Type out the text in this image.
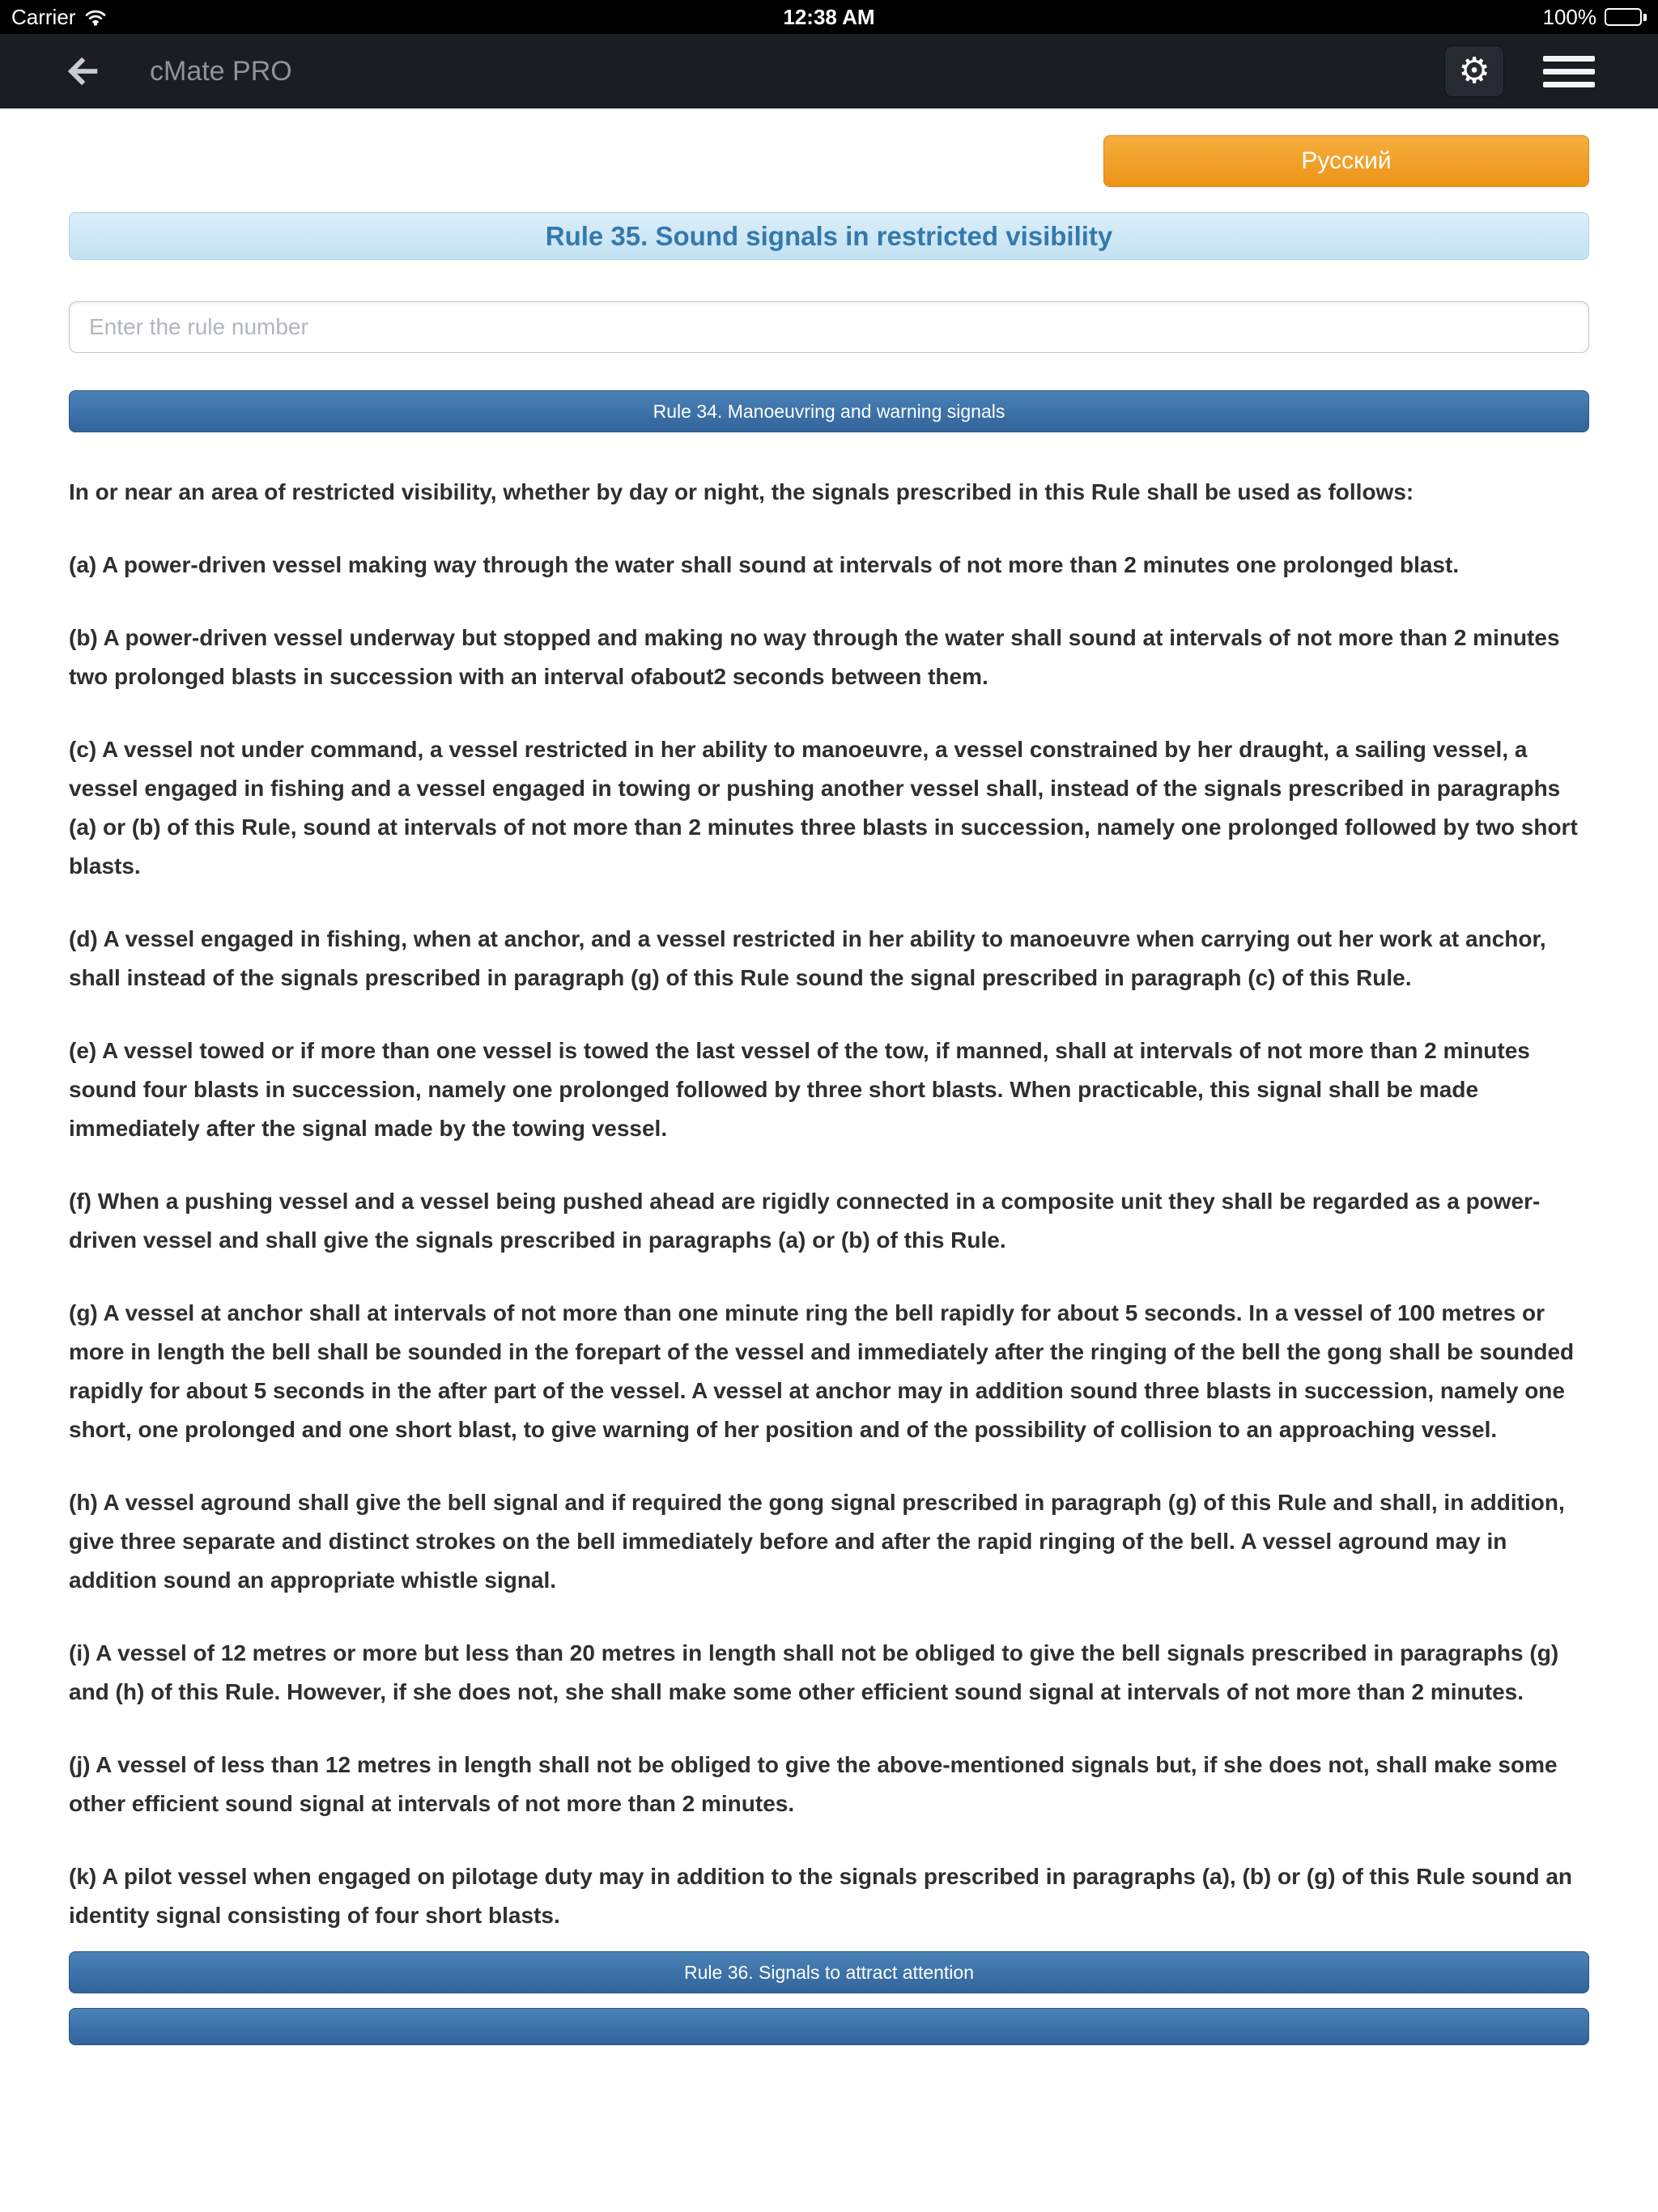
Carrier	12:38 AM	100%
cMate PRO	⚙
Русский
Rule 35. Sound signals in restricted visibility
Enter the rule number
Rule 34. Manoeuvring and warning signals

In or near an area of restricted visibility, whether by day or night, the signals prescribed in this Rule shall be used as follows:

(a) A power-driven vessel making way through the water shall sound at intervals of not more than 2 minutes one prolonged blast.

(b) A power-driven vessel underway but stopped and making no way through the water shall sound at intervals of not more than 2 minutes two prolonged blasts in succession with an interval ofabout2 seconds between them.

(c) A vessel not under command, a vessel restricted in her ability to manoeuvre, a vessel constrained by her draught, a sailing vessel, a vessel engaged in fishing and a vessel engaged in towing or pushing another vessel shall, instead of the signals prescribed in paragraphs (a) or (b) of this Rule, sound at intervals of not more than 2 minutes three blasts in succession, namely one prolonged followed by two short blasts.

(d) A vessel engaged in fishing, when at anchor, and a vessel restricted in her ability to manoeuvre when carrying out her work at anchor, shall instead of the signals prescribed in paragraph (g) of this Rule sound the signal prescribed in paragraph (c) of this Rule.

(e) A vessel towed or if more than one vessel is towed the last vessel of the tow, if manned, shall at intervals of not more than 2 minutes sound four blasts in succession, namely one prolonged followed by three short blasts. When practicable, this signal shall be made immediately after the signal made by the towing vessel.

(f) When a pushing vessel and a vessel being pushed ahead are rigidly connected in a composite unit they shall be regarded as a power-driven vessel and shall give the signals prescribed in paragraphs (a) or (b) of this Rule.

(g) A vessel at anchor shall at intervals of not more than one minute ring the bell rapidly for about 5 seconds. In a vessel of 100 metres or more in length the bell shall be sounded in the forepart of the vessel and immediately after the ringing of the bell the gong shall be sounded rapidly for about 5 seconds in the after part of the vessel. A vessel at anchor may in addition sound three blasts in succession, namely one short, one prolonged and one short blast, to give warning of her position and of the possibility of collision to an approaching vessel.

(h) A vessel aground shall give the bell signal and if required the gong signal prescribed in paragraph (g) of this Rule and shall, in addition, give three separate and distinct strokes on the bell immediately before and after the rapid ringing of the bell. A vessel aground may in addition sound an appropriate whistle signal.

(i) A vessel of 12 metres or more but less than 20 metres in length shall not be obliged to give the bell signals prescribed in paragraphs (g) and (h) of this Rule. However, if she does not, she shall make some other efficient sound signal at intervals of not more than 2 minutes.

(j) A vessel of less than 12 metres in length shall not be obliged to give the above-mentioned signals but, if she does not, shall make some other efficient sound signal at intervals of not more than 2 minutes.

(k) A pilot vessel when engaged on pilotage duty may in addition to the signals prescribed in paragraphs (a), (b) or (g) of this Rule sound an identity signal consisting of four short blasts.

Rule 36. Signals to attract attention
